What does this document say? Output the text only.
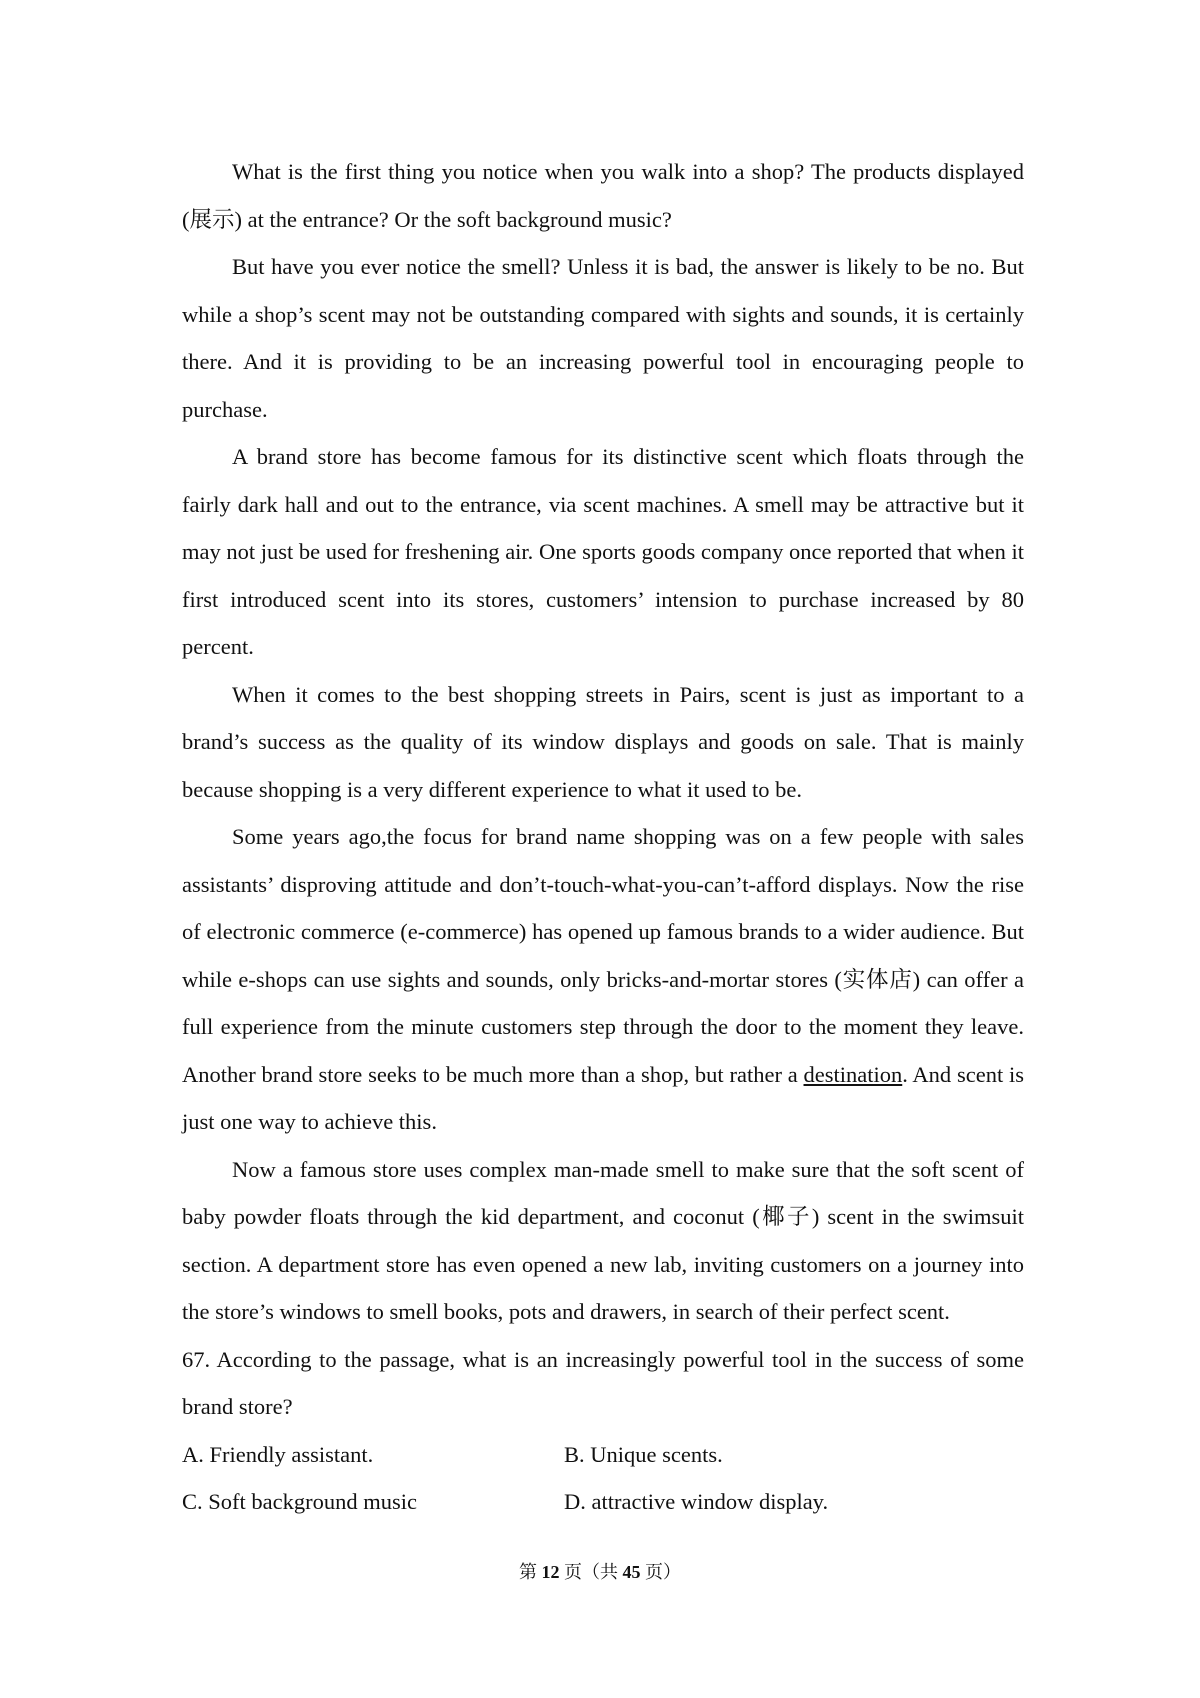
What is the first thing you notice when you walk into a shop? The products displayed (展示) at the entrance? Or the soft background music?

But have you ever notice the smell? Unless it is bad, the answer is likely to be no. But while a shop’s scent may not be outstanding compared with sights and sounds, it is certainly there. And it is providing to be an increasing powerful tool in encouraging people to purchase.

A brand store has become famous for its distinctive scent which floats through the fairly dark hall and out to the entrance, via scent machines. A smell may be attractive but it may not just be used for freshening air. One sports goods company once reported that when it first introduced scent into its stores, customers’ intension to purchase increased by 80 percent.

When it comes to the best shopping streets in Pairs, scent is just as important to a brand’s success as the quality of its window displays and goods on sale. That is mainly because shopping is a very different experience to what it used to be.

Some years ago,the focus for brand name shopping was on a few people with sales assistants’ disproving attitude and don’t-touch-what-you-can’t-afford displays. Now the rise of electronic commerce (e-commerce) has opened up famous brands to a wider audience. But while e-shops can use sights and sounds, only bricks-and-mortar stores (实体店) can offer a full experience from the minute customers step through the door to the moment they leave. Another brand store seeks to be much more than a shop, but rather a destination. And scent is just one way to achieve this.

Now a famous store uses complex man-made smell to make sure that the soft scent of baby powder floats through the kid department, and coconut (椰子) scent in the swimsuit section. A department store has even opened a new lab, inviting customers on a journey into the store’s windows to smell books, pots and drawers, in search of their perfect scent.

67. According to the passage, what is an increasingly powerful tool in the success of some brand store?

A. Friendly assistant.	B. Unique scents.
C. Soft background music	D. attractive window display.
第 12 页（共 45 页）
